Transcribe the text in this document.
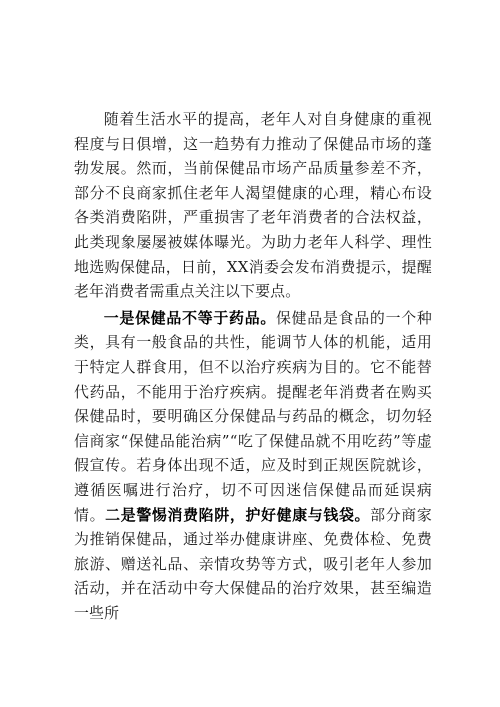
随着生活水平的提高，老年人对自身健康的重视程度与日俱增，这一趋势有力推动了保健品市场的蓬勃发展。然而，当前保健品市场产品质量参差不齐，部分不良商家抓住老年人渴望健康的心理，精心布设各类消费陷阱，严重损害了老年消费者的合法权益，此类现象屡屡被媒体曝光。为助力老年人科学、理性地选购保健品，日前，XX消委会发布消费提示，提醒老年消费者需重点关注以下要点。

一是保健品不等于药品。保健品是食品的一个种类，具有一般食品的共性，能调节人体的机能，适用于特定人群食用，但不以治疗疾病为目的。它不能替代药品，不能用于治疗疾病。提醒老年消费者在购买保健品时，要明确区分保健品与药品的概念，切勿轻信商家“保健品能治病”“吃了保健品就不用吃药”等虚假宣传。若身体出现不适，应及时到正规医院就诊，遵循医嘱进行治疗，切不可因迷信保健品而延误病情。二是警惕消费陷阱，护好健康与钱袋。部分商家为推销保健品，通过举办健康讲座、免费体检、免费旅游、赠送礼品、亲情攻势等方式，吸引老年人参加活动，并在活动中夸大保健品的治疗效果，甚至编造一些所
